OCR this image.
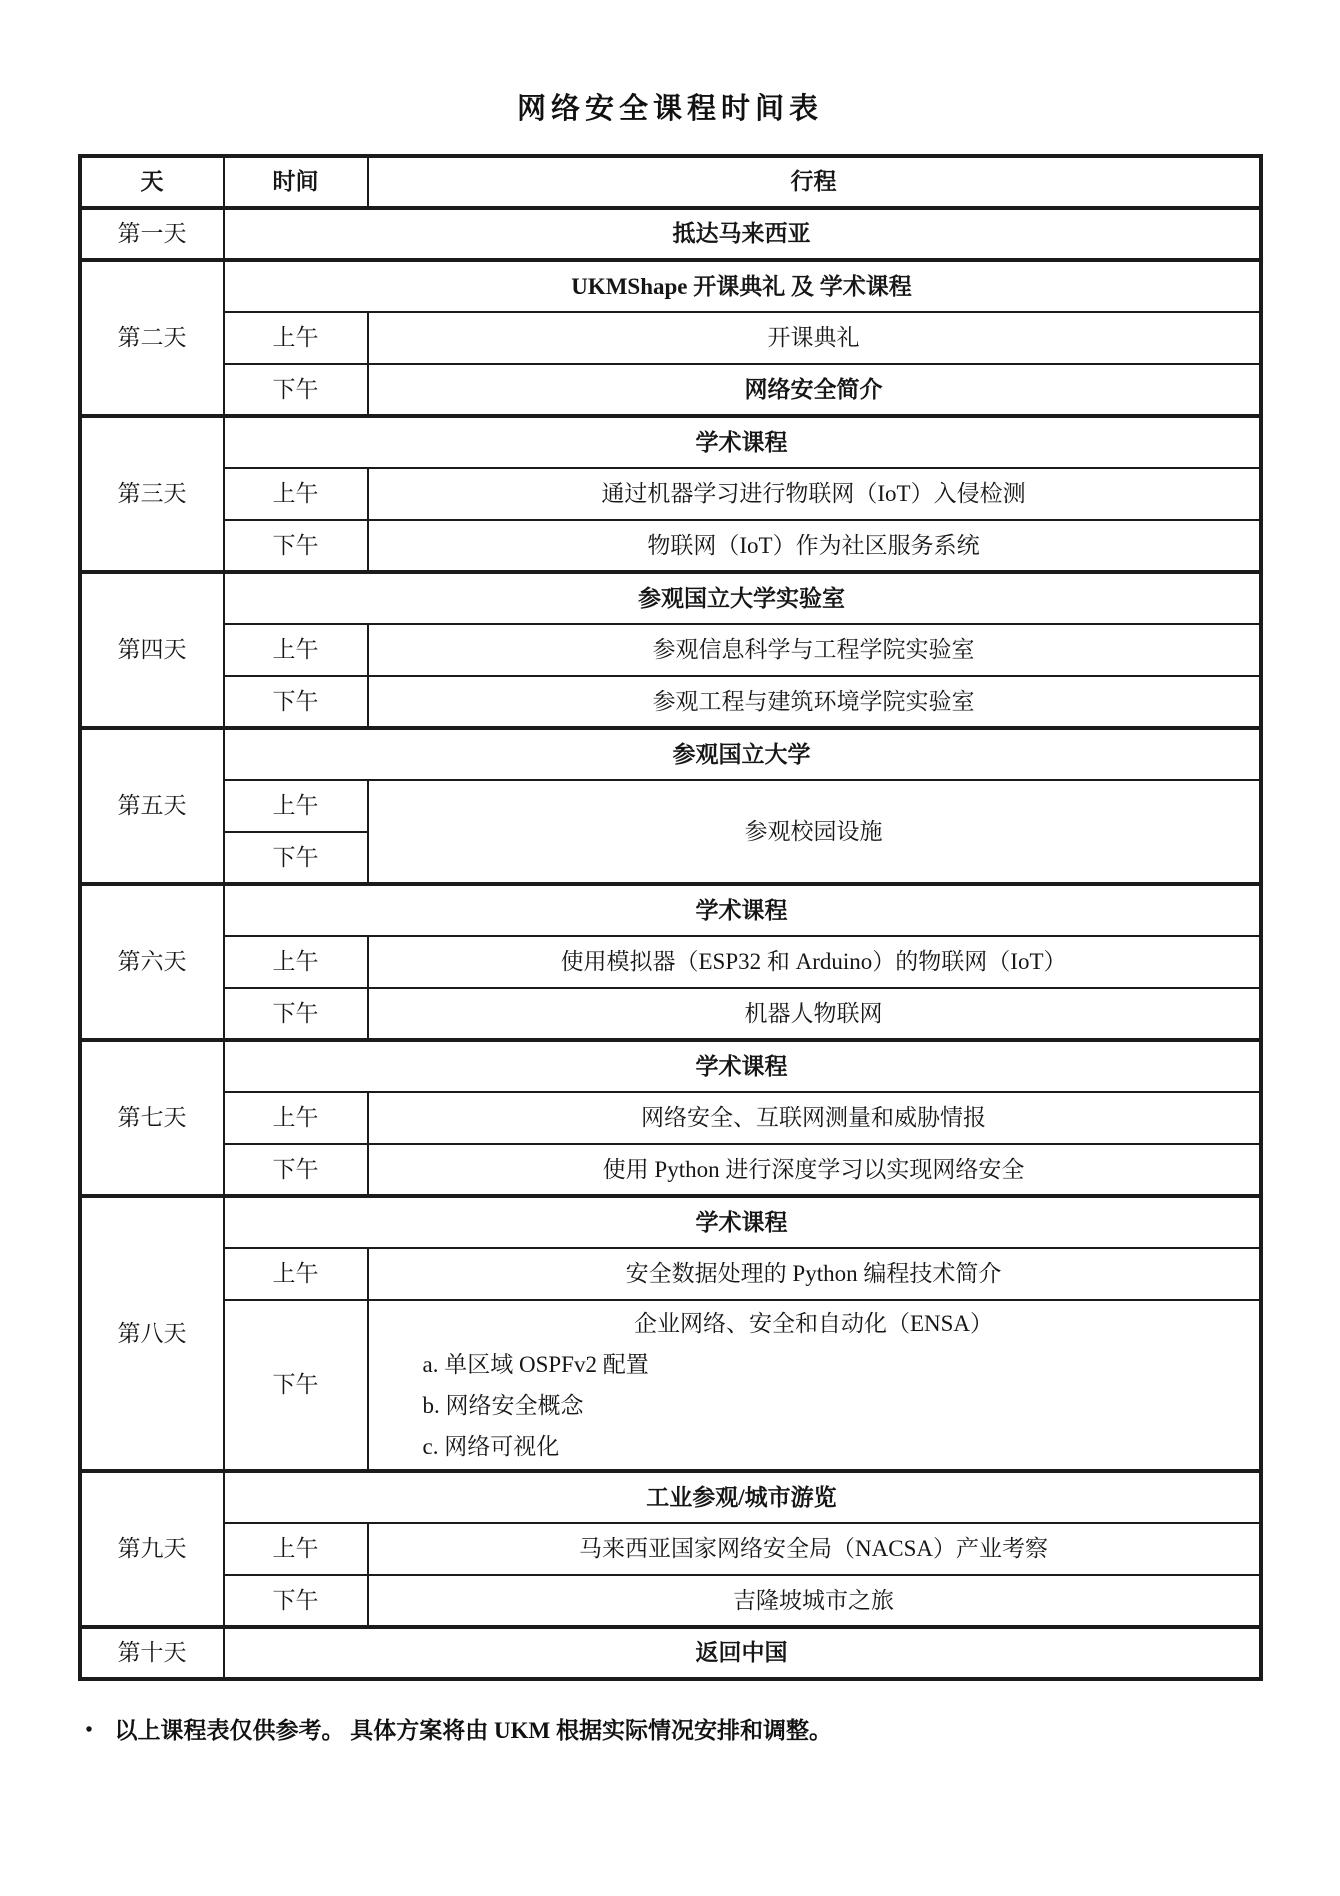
网络安全课程时间表
天	时间	行程
第一天	抵达马来西亚	
第二天	UKMShape 开课典礼 及 学术课程	
	上午	开课典礼
	下午	网络安全简介
第三天	学术课程	
	上午	通过机器学习进行物联网（IoT）入侵检测
	下午	物联网（IoT）作为社区服务系统
第四天	参观国立大学实验室	
	上午	参观信息科学与工程学院实验室
	下午	参观工程与建筑环境学院实验室
第五天	参观国立大学	
	上午	参观校园设施
	下午	
第六天	学术课程	
	上午	使用模拟器（ESP32 和 Arduino）的物联网（IoT）
	下午	机器人物联网
第七天	学术课程	
	上午	网络安全、互联网测量和威胁情报
	下午	使用 Python 进行深度学习以实现网络安全
第八天	学术课程	
	上午	安全数据处理的 Python 编程技术简介
	下午	企业网络、安全和自动化（ENSA）
a. 单区域 OSPFv2 配置
b. 网络安全概念
c. 网络可视化

第九天	工业参观/城市游览	
	上午	马来西亚国家网络安全局（NACSA）产业考察
	下午	吉隆坡城市之旅
第十天	返回中国	
• 以上课程表仅供参考。 具体方案将由 UKM 根据实际情况安排和调整。
